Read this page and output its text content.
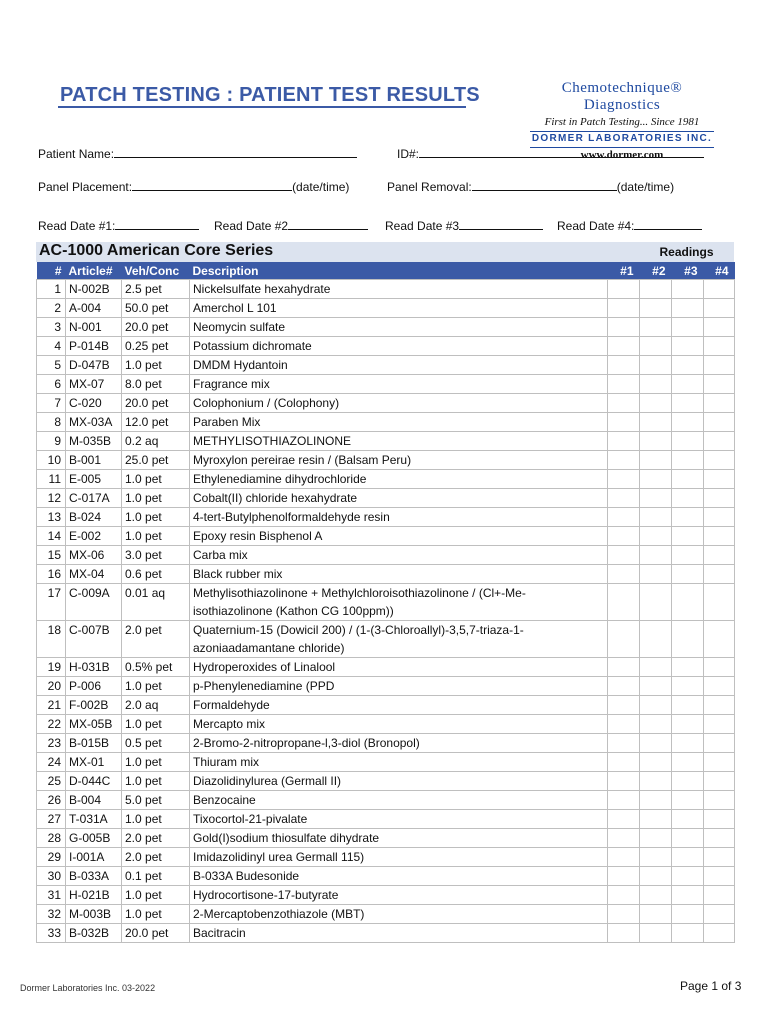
PATCH TESTING : PATIENT TEST RESULTS	Chemotechnique® Diagnostics
First in Patch Testing... Since 1981
DORMER LABORATORIES INC.
www.dormer.com
Patient Name:	ID#:
Panel Placement:	(date/time)	Panel Removal:	(date/time)
Read Date #1:	Read Date #2	Read Date #3	Read Date #4:
AC-1000 American Core Series	Readings
#	Article#	Veh/Conc	Description	#1	#2	#3	#4
1	N-002B	2.5 pet	Nickelsulfate hexahydrate				
2	A-004	50.0 pet	Amerchol L 101				
3	N-001	20.0 pet	Neomycin sulfate				
4	P-014B	0.25 pet	Potassium dichromate				
5	D-047B	1.0 pet	DMDM Hydantoin				
6	MX-07	8.0 pet	Fragrance mix				
7	C-020	20.0 pet	Colophonium / (Colophony)				
8	MX-03A	12.0 pet	Paraben Mix				
9	M-035B	0.2 aq	METHYLISOTHIAZOLINONE				
10	B-001	25.0 pet	Myroxylon pereirae resin / (Balsam Peru)				
11	E-005	1.0 pet	Ethylenediamine dihydrochloride				
12	C-017A	1.0 pet	Cobalt(II) chloride hexahydrate				
13	B-024	1.0 pet	4-tert-Butylphenolformaldehyde resin				
14	E-002	1.0 pet	Epoxy resin Bisphenol A				
15	MX-06	3.0 pet	Carba mix				
16	MX-04	0.6 pet	Black rubber mix				
17	C-009A	0.01 aq	Methylisothiazolinone + Methylchloroisothiazolinone / (Cl+-Me-
isothiazolinone (Kathon CG 100ppm))				

18	C-007B	2.0 pet	Quaternium-15 (Dowicil 200) / (1-(3-Chloroallyl)-3,5,7-triaza-1-
azoniaadamantane chloride)				

19	H-031B	0.5% pet	Hydroperoxides of Linalool				
20	P-006	1.0 pet	p-Phenylenediamine (PPD				
21	F-002B	2.0 aq	Formaldehyde				
22	MX-05B	1.0 pet	Mercapto mix				
23	B-015B	0.5 pet	2-Bromo-2-nitropropane-l,3-diol (Bronopol)				
24	MX-01	1.0 pet	Thiuram mix				
25	D-044C	1.0 pet	Diazolidinylurea (Germall II)				
26	B-004	5.0 pet	Benzocaine				
27	T-031A	1.0 pet	Tixocortol-21-pivalate				
28	G-005B	2.0 pet	Gold(I)sodium thiosulfate dihydrate				
29	I-001A	2.0 pet	Imidazolidinyl urea Germall 115)				
30	B-033A	0.1 pet	B-033A Budesonide				
31	H-021B	1.0 pet	Hydrocortisone-17-butyrate				
32	M-003B	1.0 pet	2-Mercaptobenzothiazole (MBT)				
33	B-032B	20.0 pet	Bacitracin				
Dormer Laboratories Inc. 03-2022	Page 1 of 3
